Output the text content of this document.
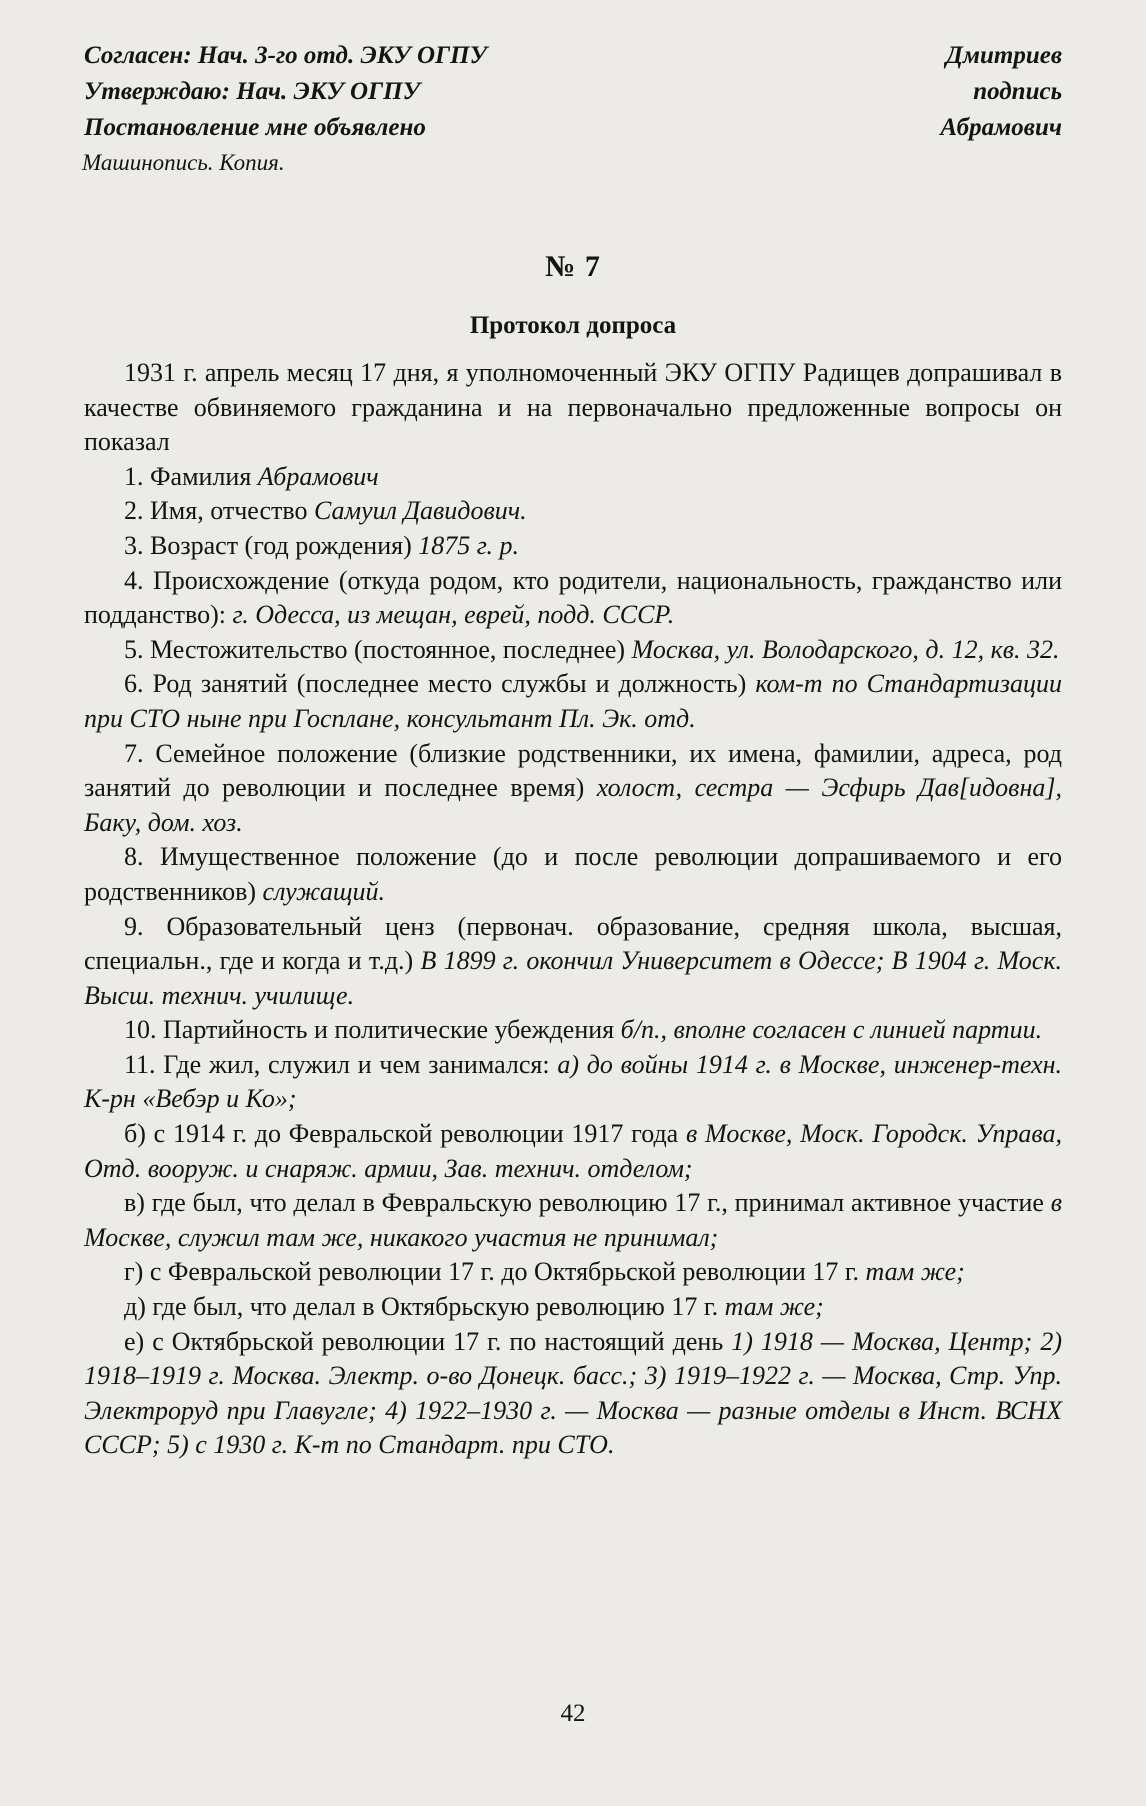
Согласен: Нач. 3-го отд. ЭКУ ОГПУ
Утверждаю: Нач. ЭКУ ОГПУ
Постановление мне объявлено
Дмитриев
подпись
Абрамович
Машинопись. Копия.
№ 7
Протокол допроса

1931 г. апрель месяц 17 дня, я уполномоченный ЭКУ ОГПУ Радищев допрашивал в качестве обвиняемого гражданина и на первоначально предложенные вопросы он показал

1. Фамилия Абрамович

2. Имя, отчество Самуил Давидович.

3. Возраст (год рождения) 1875 г. р.

4. Происхождение (откуда родом, кто родители, национальность, гражданство или подданство): г. Одесса, из мещан, еврей, подд. СССР.

5. Местожительство (постоянное, последнее) Москва, ул. Володарского, д. 12, кв. 32.

6. Род занятий (последнее место службы и должность) ком-т по Стандартизации при СТО ныне при Госплане, консультант Пл. Эк. отд.

7. Семейное положение (близкие родственники, их имена, фамилии, адреса, род занятий до революции и последнее время) холост, сестра — Эсфирь Дав[идовна], Баку, дом. хоз.

8. Имущественное положение (до и после революции допрашиваемого и его родственников) служащий.

9. Образовательный ценз (первонач. образование, средняя школа, высшая, специальн., где и когда и т.д.) В 1899 г. окончил Университет в Одессе; В 1904 г. Моск. Высш. технич. училище.

10. Партийность и политические убеждения б/п., вполне согласен с линией партии.

11. Где жил, служил и чем занимался: а) до войны 1914 г. в Москве, инженер-техн. К-рн «Вебэр и Ко»;

б) с 1914 г. до Февральской революции 1917 года в Москве, Моск. Городск. Управа, Отд. вооруж. и снаряж. армии, Зав. технич. отделом;

в) где был, что делал в Февральскую революцию 17 г., принимал активное участие в Москве, служил там же, никакого участия не принимал;

г) с Февральской революции 17 г. до Октябрьской революции 17 г. там же;

д) где был, что делал в Октябрьскую революцию 17 г. там же;

е) с Октябрьской революции 17 г. по настоящий день 1) 1918 — Москва, Центр; 2) 1918–1919 г. Москва. Электр. о-во Донецк. басс.; 3) 1919–1922 г. — Москва, Стр. Упр. Электроруд при Главугле; 4) 1922–1930 г. — Москва — разные отделы в Инст. ВСНХ СССР; 5) с 1930 г. К-т по Стандарт. при СТО.

42
